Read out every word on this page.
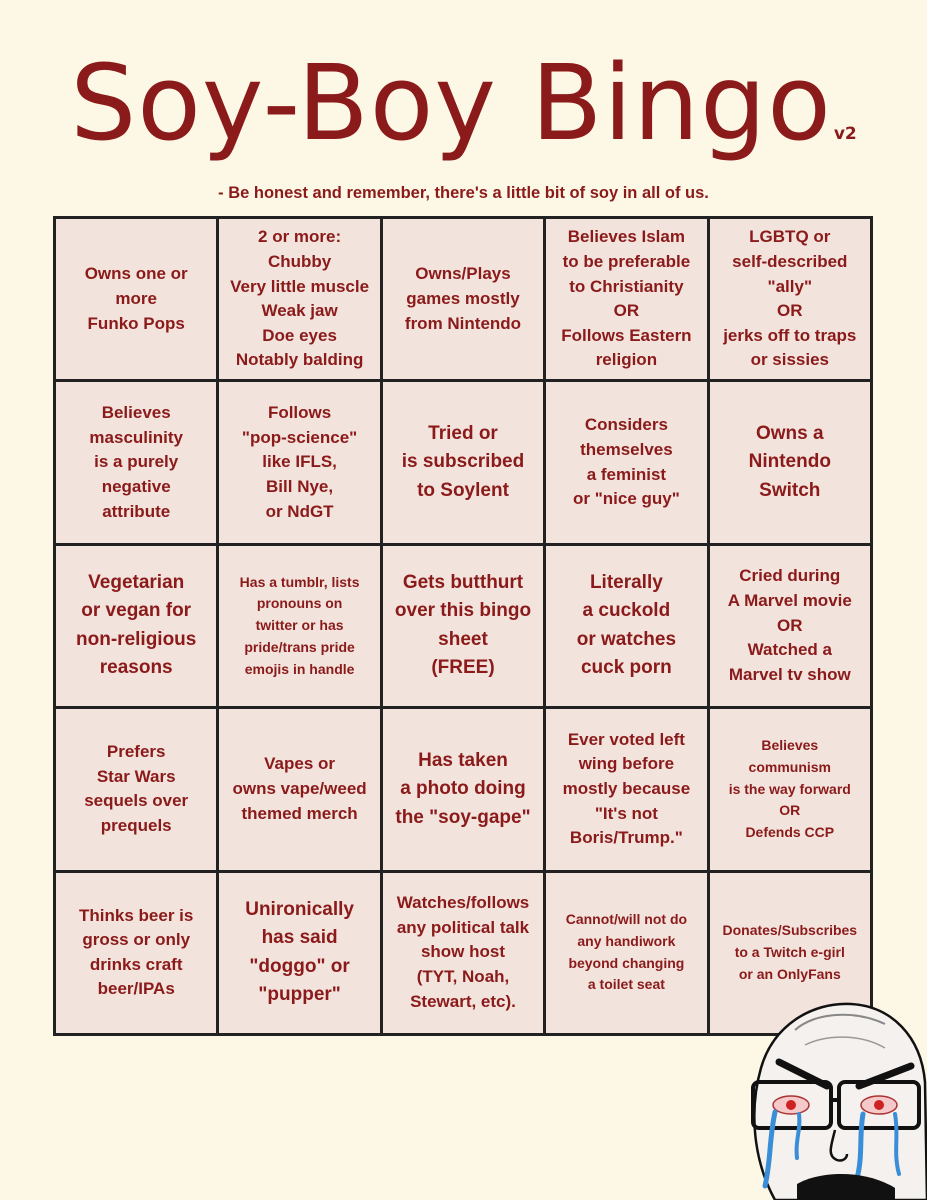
Soy-Boy Bingo v2
- Be honest and remember, there's a little bit of soy in all of us.
Owns one or
more
Funko Pops
2 or more:
Chubby
Very little muscle
Weak jaw
Doe eyes
Notably balding
Owns/Plays
games mostly
from Nintendo
Believes Islam
to be preferable
to Christianity
OR
Follows Eastern
religion
LGBTQ or
self-described
"ally"
OR
jerks off to traps
or sissies
Believes
masculinity
is a purely
negative
attribute
Follows
"pop-science"
like IFLS,
Bill Nye,
or NdGT
Tried or
is subscribed
to Soylent
Considers
themselves
a feminist
or "nice guy"
Owns a
Nintendo
Switch
Vegetarian
or vegan for
non-religious
reasons
Has a tumblr, lists
pronouns on
twitter or has
pride/trans pride
emojis in handle
Gets butthurt
over this bingo
sheet
(FREE)
Literally
a cuckold
or watches
cuck porn
Cried during
A Marvel movie
OR
Watched a
Marvel tv show
Prefers
Star Wars
sequels over
prequels
Vapes or
owns vape/weed
themed merch
Has taken
a photo doing
the "soy-gape"
Ever voted left
wing before
mostly because
"It's not
Boris/Trump."
Believes
communism
is the way forward
OR
Defends CCP
Thinks beer is
gross or only
drinks craft
beer/IPAs
Unironically
has said
"doggo" or
"pupper"
Watches/follows
any political talk
show host
(TYT, Noah,
Stewart, etc).
Cannot/will not do
any handiwork
beyond changing
a toilet seat
Donates/Subscribes
to a Twitch e-girl
or an OnlyFans
